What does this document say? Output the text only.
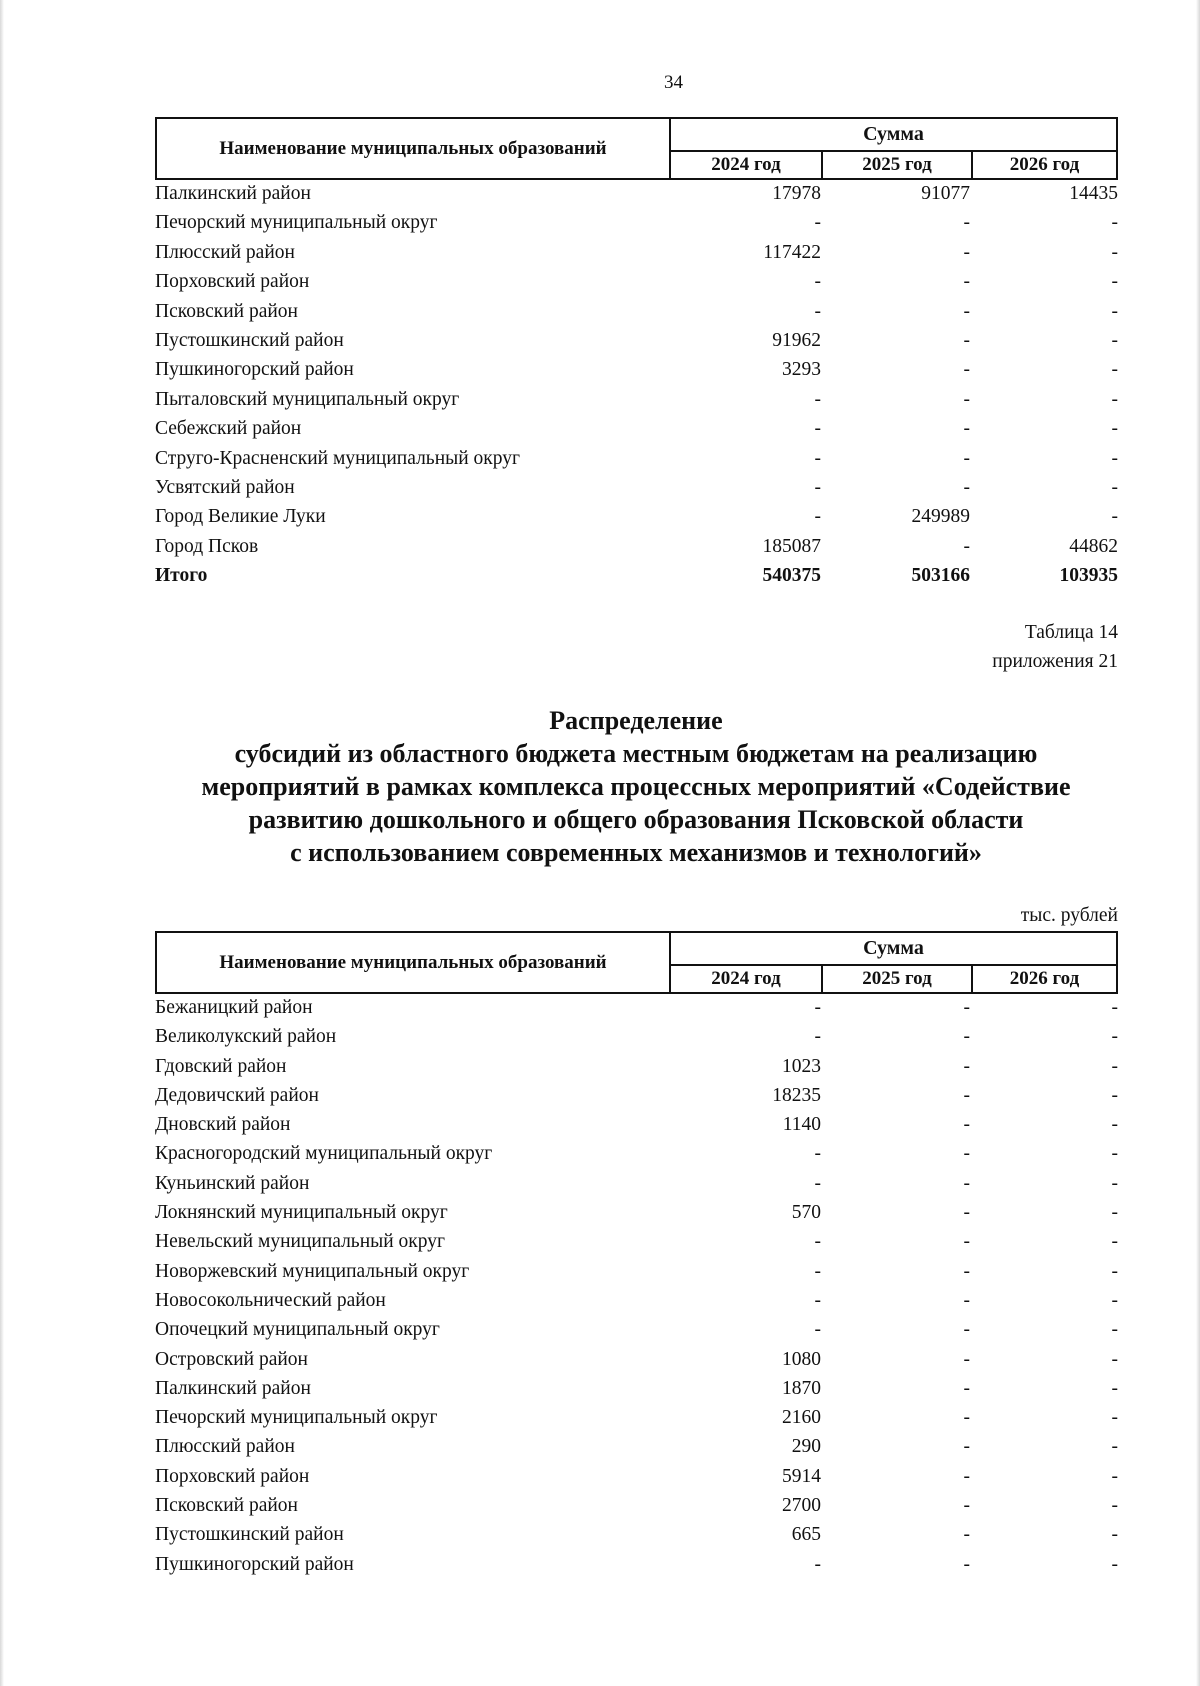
34
Наименование муниципальных образований
Сумма
2024 год	2025 год	2026 год
Палкинский район	17978	91077	14435
Печорский муниципальный округ	-	-	-
Плюсский район	117422	-	-
Порховский район	-	-	-
Псковский район	-	-	-
Пустошкинский район	91962	-	-
Пушкиногорский район	3293	-	-
Пыталовский муниципальный округ	-	-	-
Себежский район	-	-	-
Струго-Красненский муниципальный округ	-	-	-
Усвятский район	-	-	-
Город Великие Луки	-	249989	-
Город Псков	185087	-	44862
Итого	540375	503166	103935
Таблица 14
приложения 21
Распределение
субсидий из областного бюджета местным бюджетам на реализацию
мероприятий в рамках комплекса процессных мероприятий «Содействие
развитию дошкольного и общего образования Псковской области
с использованием современных механизмов и технологий»
тыс. рублей
Наименование муниципальных образований
Сумма
2024 год	2025 год	2026 год
Бежаницкий район	-	-	-
Великолукский район	-	-	-
Гдовский район	1023	-	-
Дедовичский район	18235	-	-
Дновский район	1140	-	-
Красногородский муниципальный округ	-	-	-
Куньинский район	-	-	-
Локнянский муниципальный округ	570	-	-
Невельский муниципальный округ	-	-	-
Новоржевский муниципальный округ	-	-	-
Новосокольнический район	-	-	-
Опочецкий муниципальный округ	-	-	-
Островский район	1080	-	-
Палкинский район	1870	-	-
Печорский муниципальный округ	2160	-	-
Плюсский район	290	-	-
Порховский район	5914	-	-
Псковский район	2700	-	-
Пустошкинский район	665	-	-
Пушкиногорский район	-	-	-
